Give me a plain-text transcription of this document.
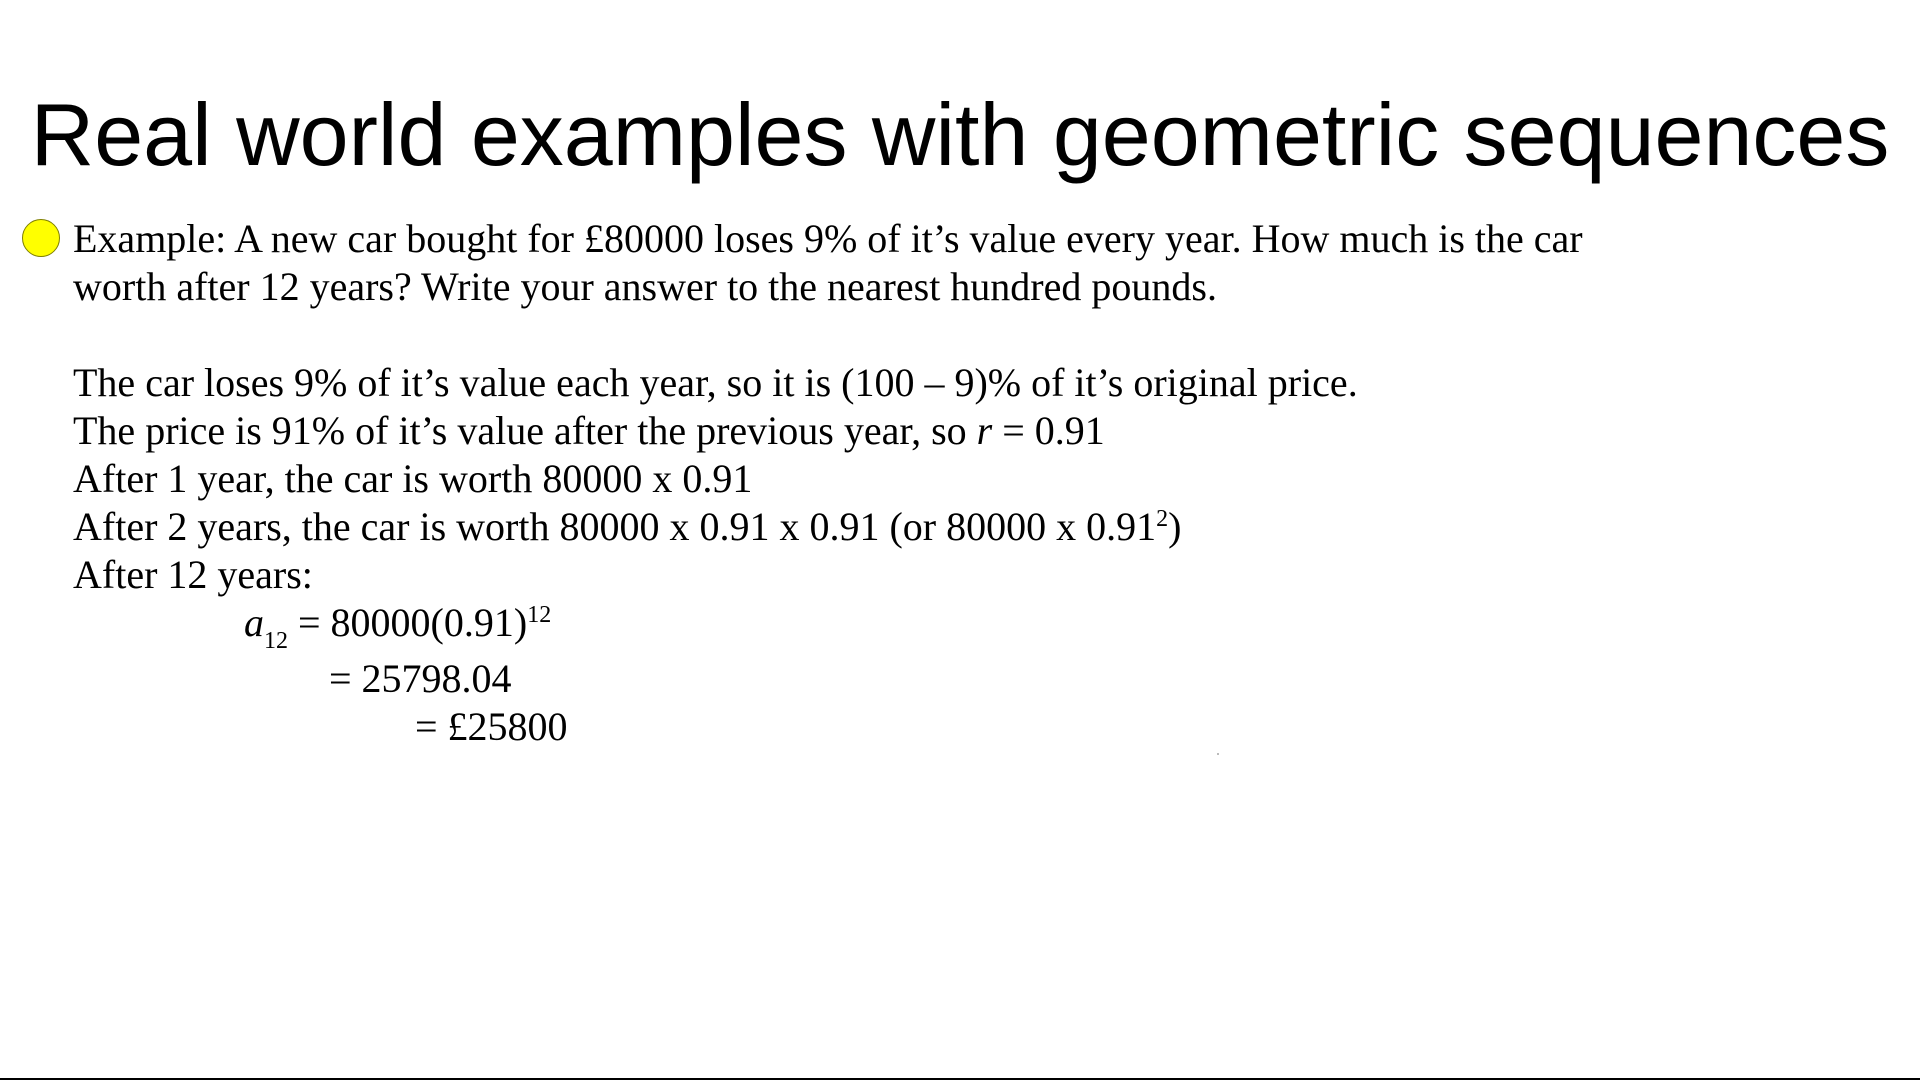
Real world examples with geometric sequences
Example: A new car bought for £80000 loses 9% of it’s value every year. How much is the car
worth after 12 years? Write your answer to the nearest hundred pounds.
The car loses 9% of it’s value each year, so it is (100 – 9)% of it’s original price.
The price is 91% of it’s value after the previous year, so r = 0.91
After 1 year, the car is worth 80000 x 0.91
After 2 years, the car is worth 80000 x 0.91 x 0.91 (or 80000 x 0.91$^2$)
After 12 years:
$a_{12} = 80000(0.91)^{12}$
= 25798.04
= £25800
